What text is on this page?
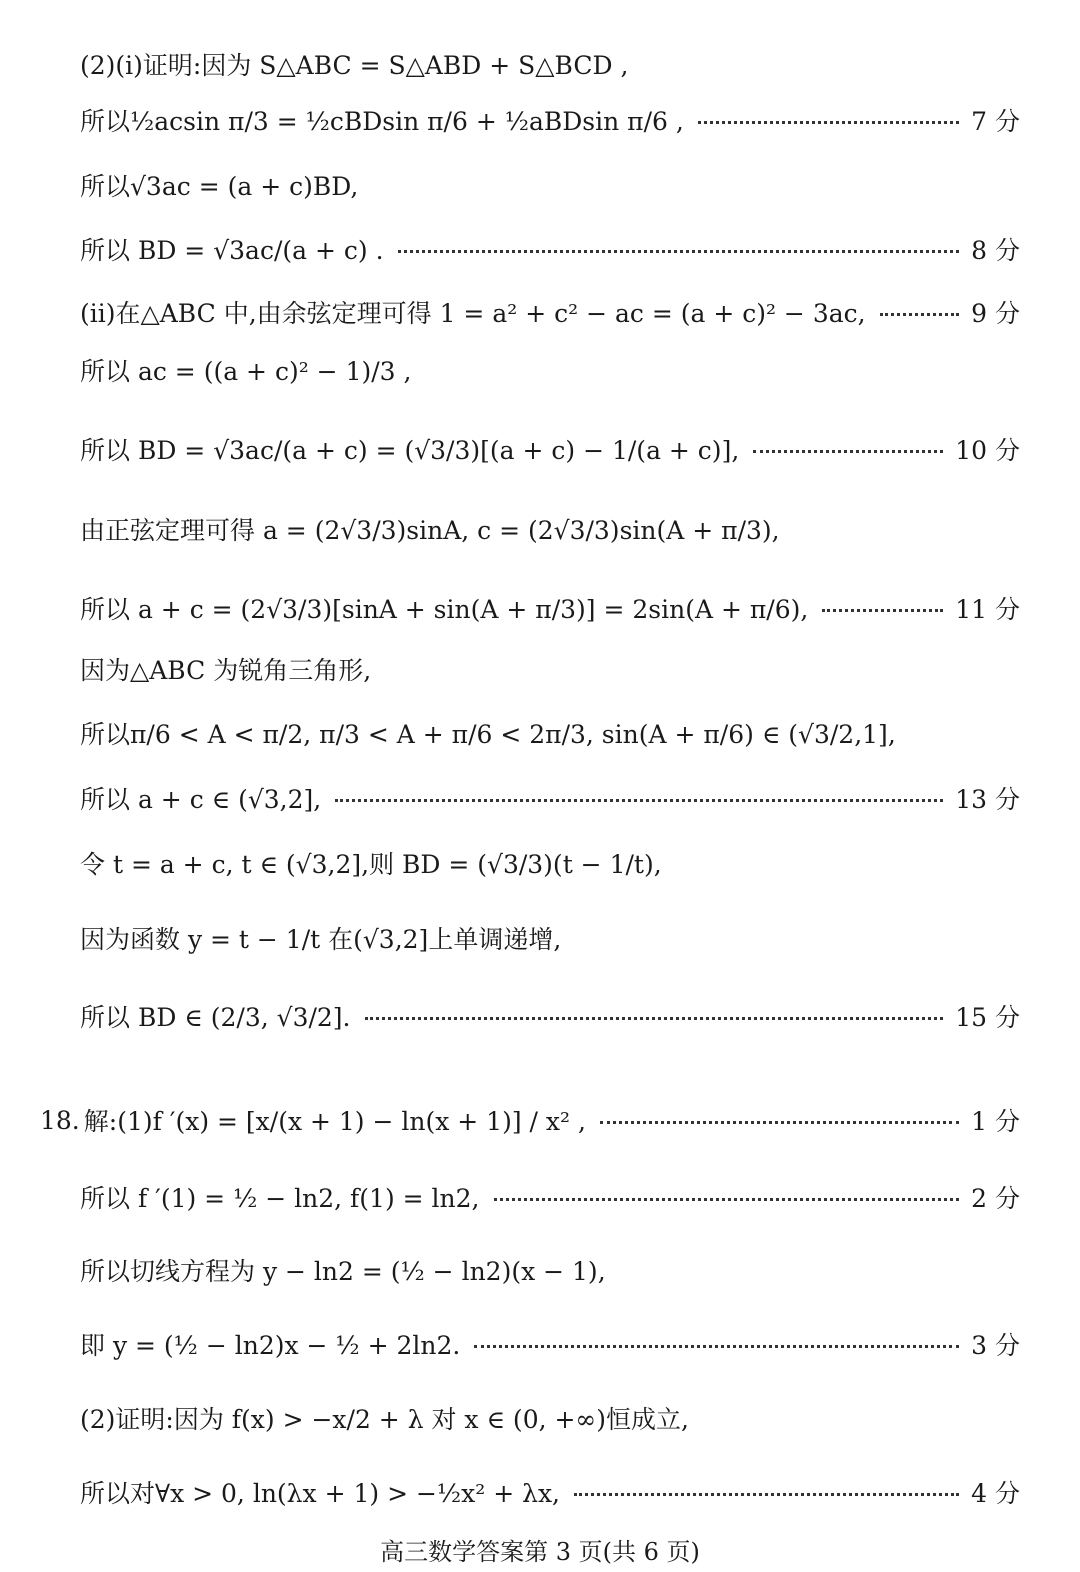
(2)(ⅰ)证明:因为 S△ABC = S△ABD + S△BCD ,
所以½acsin π/3 = ½cBDsin π/6 + ½aBDsin π/6 ,	7 分
所以√3ac = (a + c)BD,
所以 BD = √3ac/(a + c) .	8 分
(ⅱ)在△ABC 中,由余弦定理可得 1 = a² + c² − ac = (a + c)² − 3ac,	9 分
所以 ac = ((a + c)² − 1)/3 ,
所以 BD = √3ac/(a + c) = (√3/3)[(a + c) − 1/(a + c)],	10 分
由正弦定理可得 a = (2√3/3)sinA, c = (2√3/3)sin(A + π/3),
所以 a + c = (2√3/3)[sinA + sin(A + π/3)] = 2sin(A + π/6),	11 分
因为△ABC 为锐角三角形,
所以π/6 < A < π/2, π/3 < A + π/6 < 2π/3, sin(A + π/6) ∈ (√3/2,1],
所以 a + c ∈ (√3,2],	13 分
令 t = a + c, t ∈ (√3,2],则 BD = (√3/3)(t − 1/t),
因为函数 y = t − 1/t 在(√3,2]上单调递增,
所以 BD ∈ (2/3, √3/2].	15 分
18. 解:(1)f ′(x) = [x/(x + 1) − ln(x + 1)] / x² ,	1 分
所以 f ′(1) = ½ − ln2, f(1) = ln2,	2 分
所以切线方程为 y − ln2 = (½ − ln2)(x − 1),
即 y = (½ − ln2)x − ½ + 2ln2.	3 分
(2)证明:因为 f(x) > −x/2 + λ 对 x ∈ (0, +∞)恒成立,
所以对∀x > 0, ln(λx + 1) > −½x² + λx,	4 分
高三数学答案第 3 页(共 6 页)
